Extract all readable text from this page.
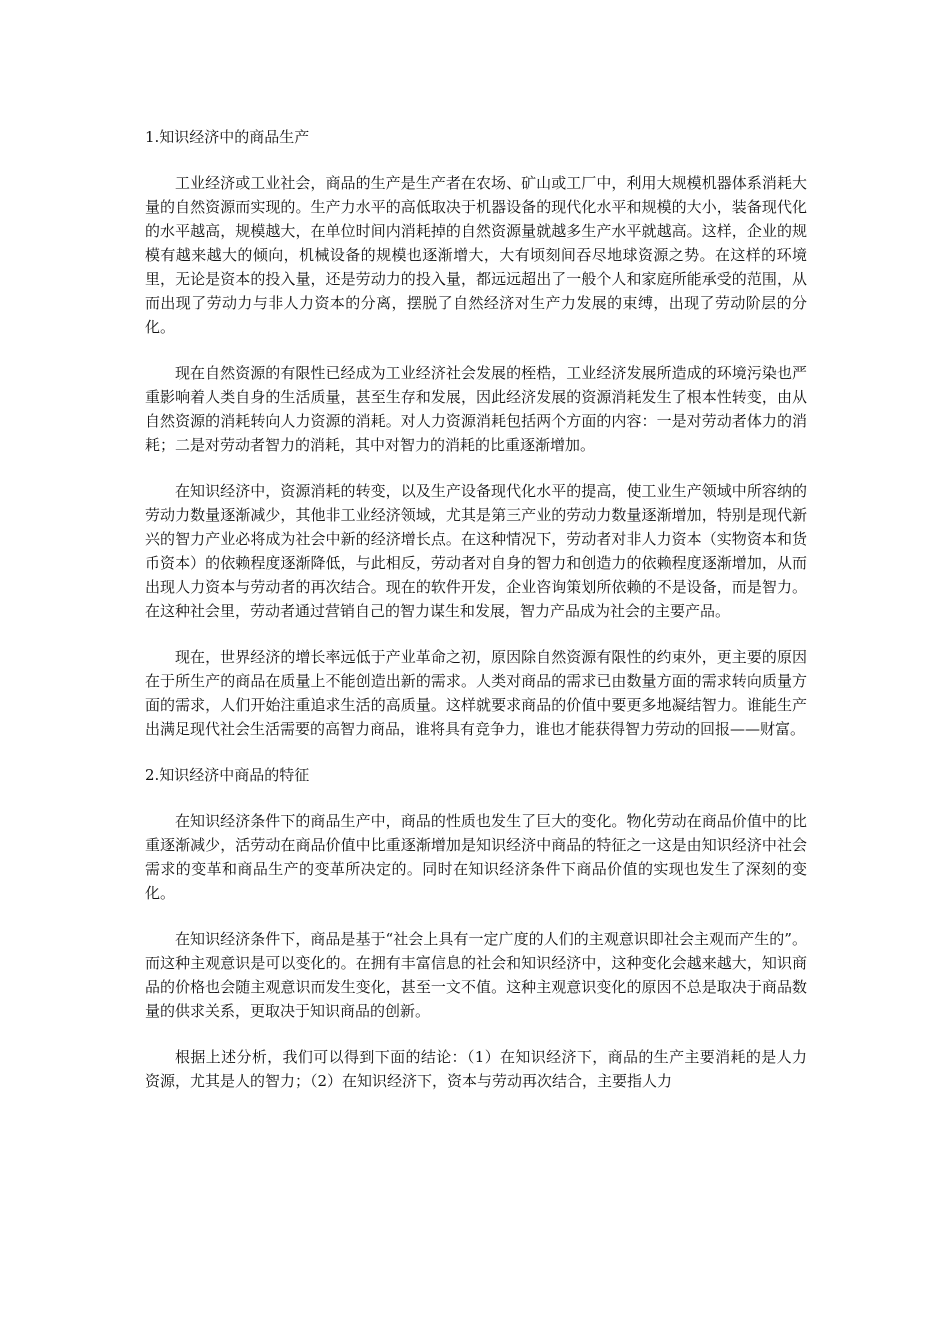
1.知识经济中的商品生产

工业经济或工业社会，商品的生产是生产者在农场、矿山或工厂中，利用大规模机器体系消耗大量的自然资源而实现的。生产力水平的高低取决于机器设备的现代化水平和规模的大小，装备现代化的水平越高，规模越大，在单位时间内消耗掉的自然资源量就越多生产水平就越高。这样，企业的规模有越来越大的倾向，机械设备的规模也逐渐增大，大有顷刻间吞尽地球资源之势。在这样的环境里，无论是资本的投入量，还是劳动力的投入量，都远远超出了一般个人和家庭所能承受的范围，从而出现了劳动力与非人力资本的分离，摆脱了自然经济对生产力发展的束缚，出现了劳动阶层的分化。

现在自然资源的有限性已经成为工业经济社会发展的桎梏，工业经济发展所造成的环境污染也严重影响着人类自身的生活质量，甚至生存和发展，因此经济发展的资源消耗发生了根本性转变，由从自然资源的消耗转向人力资源的消耗。对人力资源消耗包括两个方面的内容：一是对劳动者体力的消耗；二是对劳动者智力的消耗，其中对智力的消耗的比重逐渐增加。

在知识经济中，资源消耗的转变，以及生产设备现代化水平的提高，使工业生产领域中所容纳的劳动力数量逐渐减少，其他非工业经济领域，尤其是第三产业的劳动力数量逐渐增加，特别是现代新兴的智力产业必将成为社会中新的经济增长点。在这种情况下，劳动者对非人力资本（实物资本和货币资本）的依赖程度逐渐降低，与此相反，劳动者对自身的智力和创造力的依赖程度逐渐增加，从而出现人力资本与劳动者的再次结合。现在的软件开发，企业咨询策划所依赖的不是设备，而是智力。在这种社会里，劳动者通过营销自己的智力谋生和发展，智力产品成为社会的主要产品。

现在，世界经济的增长率远低于产业革命之初，原因除自然资源有限性的约束外，更主要的原因在于所生产的商品在质量上不能创造出新的需求。人类对商品的需求已由数量方面的需求转向质量方面的需求，人们开始注重追求生活的高质量。这样就要求商品的价值中要更多地凝结智力。谁能生产出满足现代社会生活需要的高智力商品，谁将具有竞争力，谁也才能获得智力劳动的回报——财富。

2.知识经济中商品的特征

在知识经济条件下的商品生产中，商品的性质也发生了巨大的变化。物化劳动在商品价值中的比重逐渐减少，活劳动在商品价值中比重逐渐增加是知识经济中商品的特征之一这是由知识经济中社会需求的变革和商品生产的变革所决定的。同时在知识经济条件下商品价值的实现也发生了深刻的变化。

在知识经济条件下，商品是基于“社会上具有一定广度的人们的主观意识即社会主观而产生的”。而这种主观意识是可以变化的。在拥有丰富信息的社会和知识经济中，这种变化会越来越大，知识商品的价格也会随主观意识而发生变化，甚至一文不值。这种主观意识变化的原因不总是取决于商品数量的供求关系，更取决于知识商品的创新。

根据上述分析，我们可以得到下面的结论：（1）在知识经济下，商品的生产主要消耗的是人力资源，尤其是人的智力；（2）在知识经济下，资本与劳动再次结合，主要指人力
